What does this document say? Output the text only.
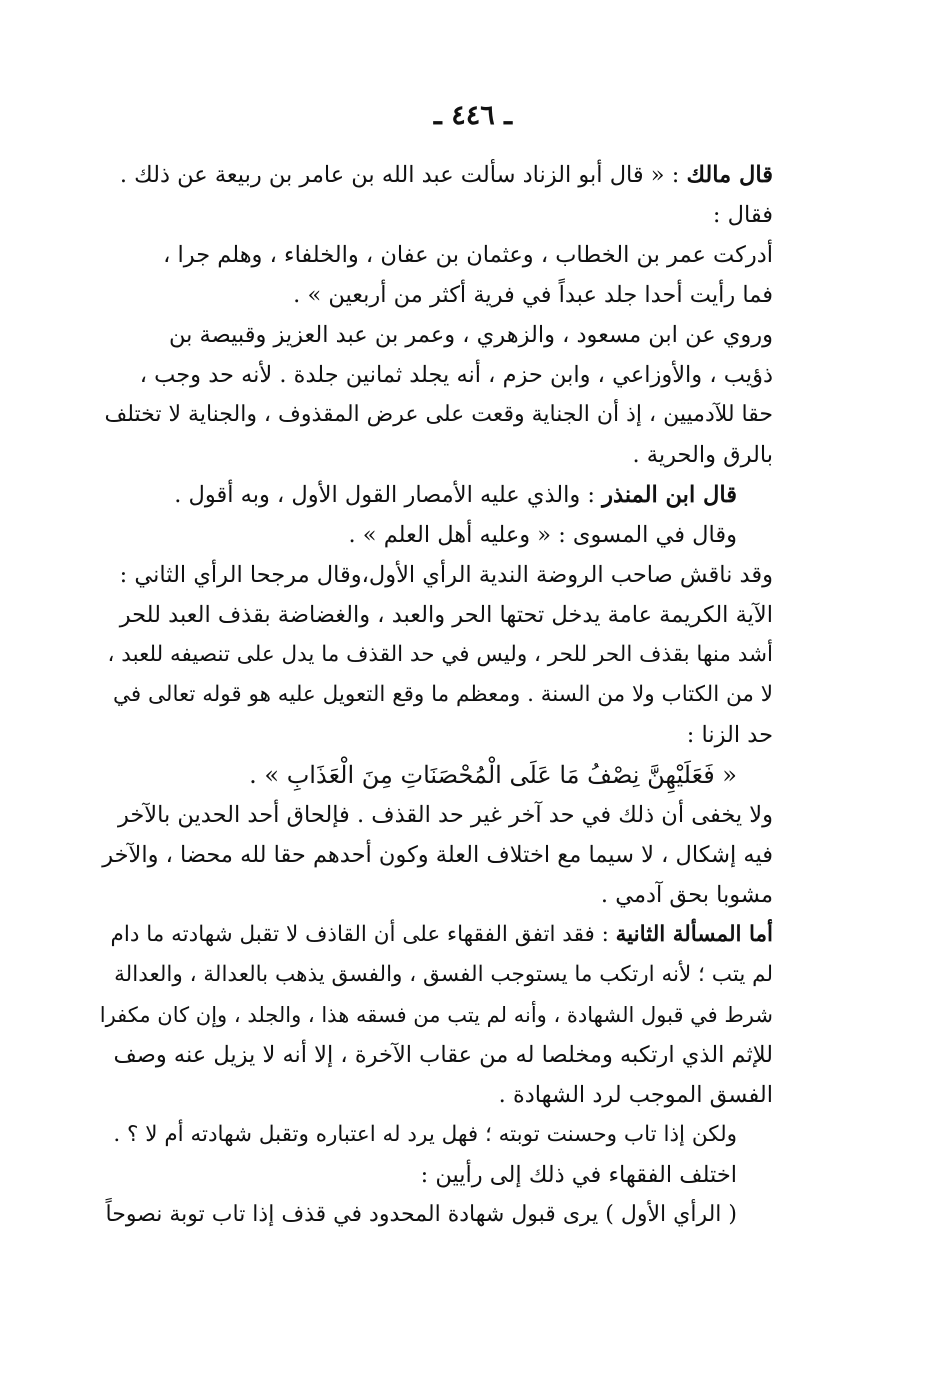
ـ ٤٤٦ ـ
قال مالك : « قال أبو الزناد سألت عبد الله بن عامر بن ربيعة عن ذلك .
فقال :
أدركت عمر بن الخطاب ، وعثمان بن عفان ، والخلفاء ، وهلم جرا ،
فما رأيت أحدا جلد عبداً في فرية أكثر من أربعين » .
وروي عن ابن مسعود ، والزهري ، وعمر بن عبد العزيز وقبيصة بن
ذؤيب ، والأوزاعي ، وابن حزم ، أنه يجلد ثمانين جلدة . لأنه حد وجب ،
حقا للآدميين ، إذ أن الجناية وقعت على عرض المقذوف ، والجناية لا تختلف
بالرق والحرية .
قال ابن المنذر : والذي عليه الأمصار القول الأول ، وبه أقول .
وقال في المسوى : « وعليه أهل العلم » .
وقد ناقش صاحب الروضة الندية الرأي الأول،وقال مرجحا الرأي الثاني :
الآية الكريمة عامة يدخل تحتها الحر والعبد ، والغضاضة بقذف العبد للحر
أشد منها بقذف الحر للحر ، وليس في حد القذف ما يدل على تنصيفه للعبد ،
لا من الكتاب ولا من السنة . ومعظم ما وقع التعويل عليه هو قوله تعالى في
حد الزنا :
« فَعَلَيْهِنَّ نِصْفُ مَا عَلَى الْمُحْصَنَاتِ مِنَ الْعَذَابِ » .
ولا يخفى أن ذلك في حد آخر غير حد القذف . فإلحاق أحد الحدين بالآخر
فيه إشكال ، لا سيما مع اختلاف العلة وكون أحدهم حقا لله محضا ، والآخر
مشوبا بحق آدمي .
أما المسألة الثانية : فقد اتفق الفقهاء على أن القاذف لا تقبل شهادته ما دام
لم يتب ؛ لأنه ارتكب ما يستوجب الفسق ، والفسق يذهب بالعدالة ، والعدالة
شرط في قبول الشهادة ، وأنه لم يتب من فسقه هذا ، والجلد ، وإن كان مكفرا
للإثم الذي ارتكبه ومخلصا له من عقاب الآخرة ، إلا أنه لا يزيل عنه وصف
الفسق الموجب لرد الشهادة .
ولكن إذا تاب وحسنت توبته ؛ فهل يرد له اعتباره وتقبل شهادته أم لا ؟ .
اختلف الفقهاء في ذلك إلى رأيين :
( الرأي الأول ) يرى قبول شهادة المحدود في قذف إذا تاب توبة نصوحاً
